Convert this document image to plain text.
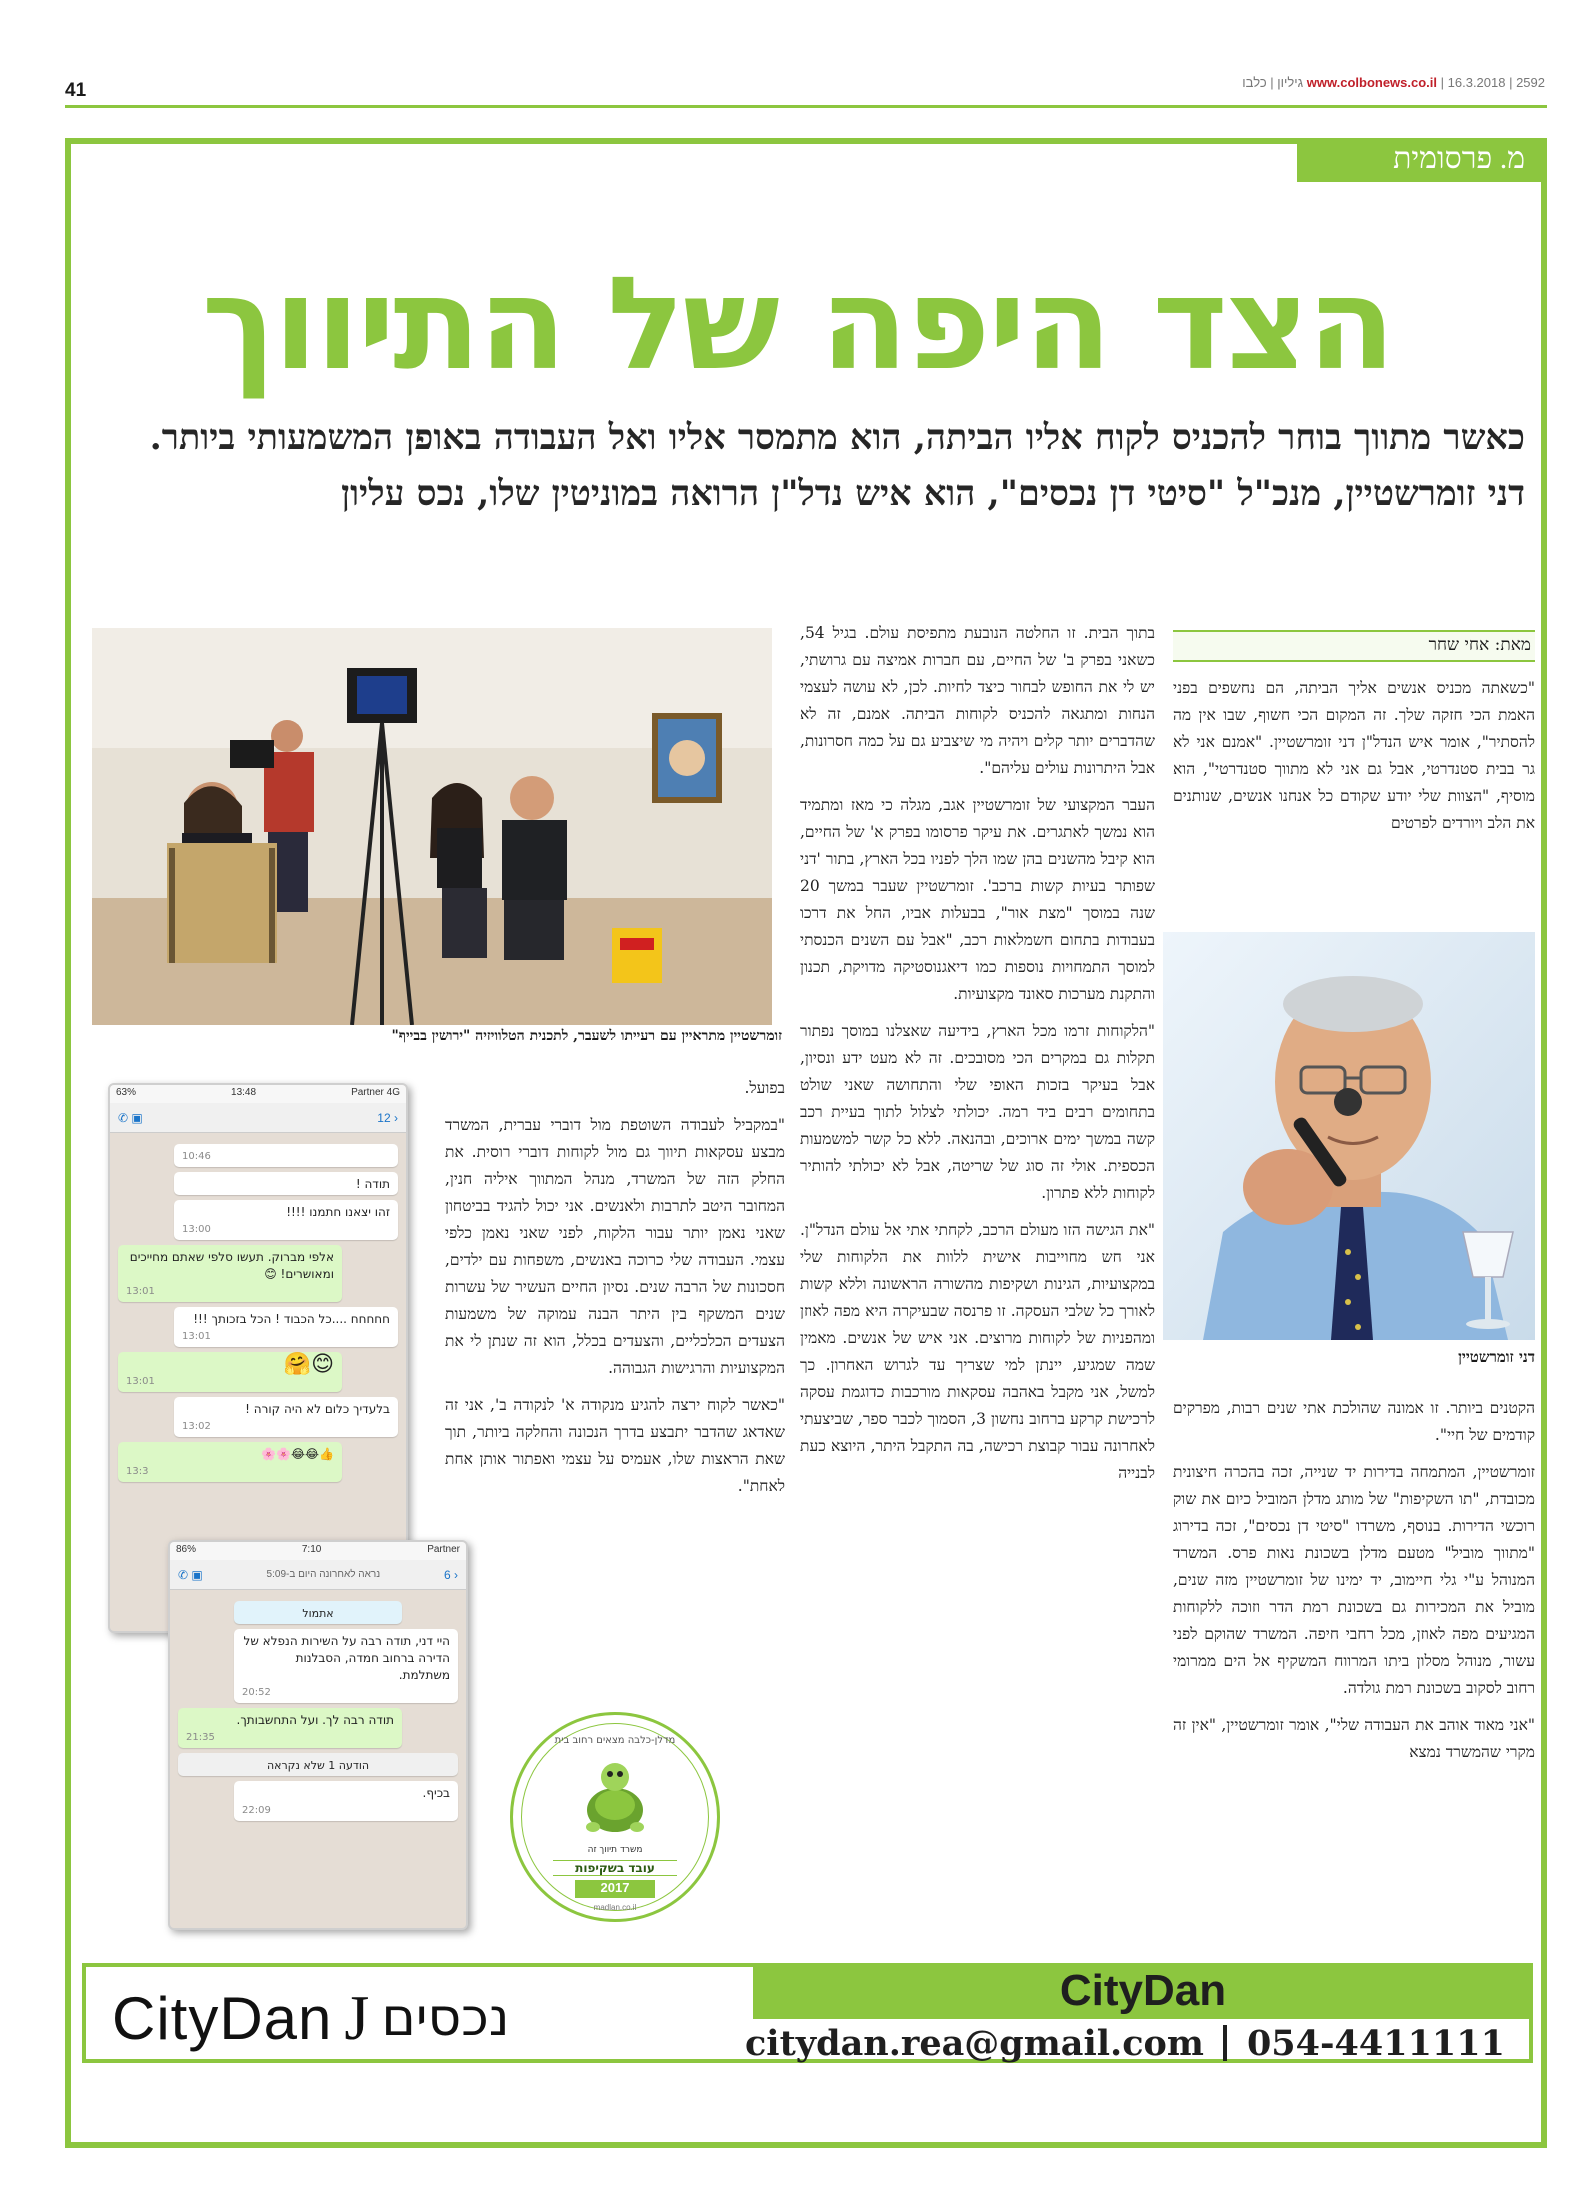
41	www.colbonews.co.il | 16.3.2018 | 2592 גיליון | כלבו
מ. פרסומית
הצד היפה של התיווך
כאשר מתווך בוחר להכניס לקוח אליו הביתה, הוא מתמסר אליו ואל העבודה באופן המשמעותי ביותר. דני זומרשטיין, מנכ"ל "סיטי דן נכסים", הוא איש נדל"ן הרואה במוניטין שלו, נכס עליון
מאת: אחי שחר

"כשאתה מכניס אנשים אליך הביתה, הם נחשפים בפני האמת הכי חזקה שלך. זה המקום הכי חשוף, שבו אין מה להסתיר", אומר איש הנדל"ן דני זומרשטיין. "אמנם אני לא גר בבית סטנדרטי, אבל גם אני לא מתווך סטנדרטי", הוא מוסיף, "הצוות שלי יודע שקודם כל אנחנו אנשים, שנותנים את הלב ויורדים לפרטים

דני זומרשטיין

הקטנים ביותר. זו אמונה שהולכת אתי שנים רבות, מפרקים קודמים של חיי".

זומרשטיין, המתמחה בדירות יד שנייה, זכה בהכרה חיצונית מכובדת, "תו השקיפות" של מותג מדלן המוביל כיום את שוק רוכשי הדירות. בנוסף, משרדו "סיטי דן נכסים", זכה בדירוג "מתווך מוביל" מטעם מדלן בשכונת נאות פרס. המשרד המנוהל ע"י גלי חיימוב, יד ימינו של זומרשטיין מזה שנים, מוביל את המכירות גם בשכונת רמת הדר וזוכה ללקוחות המגיעים מפה לאוזן, מכל רחבי חיפה. המשרד שהוקם לפני עשור, מנוהל מסלון ביתו המרווח המשקיף אל הים ממרומי רחוב לסקוב בשכונת רמת גולדה.

"אני מאוד אוהב את העבודה שלי", אומר זומרשטיין, "אין זה מקרי שהמשרד נמצא

בתוך הבית. זו החלטה הנובעת מתפיסת עולם. בגיל 54, כשאני בפרק ב' של החיים, עם חברות אמיצה עם גרושתי, יש לי את החופש לבחור כיצד לחיות. לכן, לא עושה לעצמי הנחות ומתגאה להכניס לקוחות הביתה. אמנם, זה לא שהדברים יותר קלים ויהיה מי שיצביע גם על כמה חסרונות, אבל היתרונות עולים עליהם".

העבר המקצועי של זומרשטיין אגב, מגלה כי מאז ומתמיד הוא נמשך לאתגרים. את עיקר פרסומו בפרק א' של החיים, הוא קיבל מהשנים בהן שמו הלך לפניו בכל הארץ, בתור 'דני שפותר בעיות קשות ברכב'. זומרשטיין שעבר במשך 20 שנה במוסך "מצת אור", בבעלות אביו, החל את דרכו בעבודות בתחום חשמלאות רכב, "אבל עם השנים הכנסתי למוסך התמחויות נוספות כמו דיאגנוסטיקה מדויקת, תכנון והתקנת מערכות סאונד מקצועיות.

"הלקוחות זרמו מכל הארץ, בידיעה שאצלנו במוסך נפתור תקלות גם במקרים הכי מסובכים. זה לא מעט ידע ונסיון, אבל בעיקר בזכות האופי שלי והתחושה שאני שולט בתחומים רבים ביד רמה. יכולתי לצלול לתוך בעיית רכב קשה במשך ימים ארוכים, ובהנאה. ללא כל קשר למשמעות הכספית. אולי זה סוג של שריטה, אבל לא יכולתי להותיר לקוחות ללא פתרון.

"את הגישה הזו מעולם הרכב, לקחתי אתי אל עולם הנדל"ן. אני חש מחוייבות אישית ללוות את הלקוחות שלי במקצועיות, הגינות ושקיפות מהשורה הראשונה וללא קשות לאורך כל שלבי העסקה. זו פרנסה שבעיקרה היא מפה לאוזן ומהפניות של לקוחות מרוצים. אני איש של אנשים. מאמין שמה שמגיע, יינתן למי שצריך עד לגרוש האחרון. כך למשל, אני מקבל באהבה עסקאות מורכבות כדוגמת עסקה לרכישת קרקע ברחוב נחשון 3, הסמוך לכבר ספר, שביצעתי לאחרונה עבור קבוצת רכישה, בה התקבל היתר, היוצא כעת לבנייה

זומרשטיין מתראיין עם רעייתו לשעבר, לתכנית הטלוויזיה "ירושין בבייף"

בפועל.

"במקביל לעבודה השוטפת מול דוברי עברית, המשרד מבצע עסקאות תיווך גם מול לקוחות דוברי רוסית. את החלק הזה של המשרד, מנהל המתווך איליה חנין, המחובר היטב לתרבות ולאנשים. אני יכול להגיד בביטחון שאני נאמן יותר עבור הלקוח, לפני שאני נאמן כלפי עצמי. העבודה שלי כרוכה באנשים, משפחות עם ילדים, חסכונות של הרבה שנים. נסיון החיים העשיר של עשרות שנים המשקף בין היתר הבנה עמוקה של משמעות הצעדים הכלכליים, והצעדים בכלל, הוא זה שנתן לי את המקצועיות והרגישות הגבוהה.

"כאשר לקוח ירצה להגיע מנקודה א' לנקודה ב', אני זה שאדאג שהדבר יתבצע בדרך הנכונה והחלקה ביותר, תוך שאת הראצות שלו, אעמיס על עצמי ואפתור אותן אחת לאחת".

63%	13:48	Partner 4G
✆ ▣	12 ›
10:46
תודה !
זהו יצאנו חתמנו !!!!
13:00
אלפי מברוק. תעשו סלפי שאתם מחייכים ומאושרים! 😊
13:01
חחחחח ....כל הכבוד ! הכל בזכותך !!!
13:01
😊🤗
13:01
בלעדיך כלום לא היה קורה !
13:02
👍😂😂🌸🌸
13:3
86%	7:10	Partner
✆ ▣	נראה לאחרונה היום ב-5:09	6 ›
אתמול
היי דני, תודה רבה על השירות הנפלא של הדירה ברחוב חמדה, הסבלנות משתלמת.
20:52
תודה רבה לך. ועל התחשבותך.
21:35
הודעה 1 שלא נקראה
בכיף.
22:09
מדלן-כלבה מצאים רחוב בית
משרד תיווך זה
עובד בשקיפות
2017
madlan.co.il
CityDan
citydan.rea@gmail.com 054-4411111
CityDan J נכסים
